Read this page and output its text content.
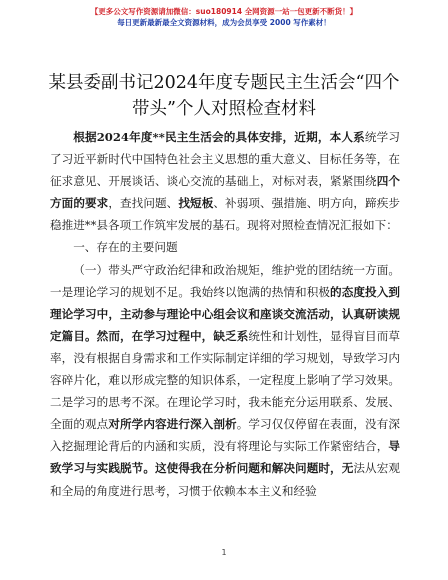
【更多公文写作资源请加微信：suo180914 全网资源一站一包更新不断货！】
每日更新最新最全文资源材料，成为会员享受 2000 写作素材！
某县委副书记2024年度专题民主生活会“四个带头”个人对照检查材料

根据2024年度**民主生活会的具体安排，近期，本人系统学习了习近平新时代中国特色社会主义思想的重大意义、目标任务等，在征求意见、开展谈话、谈心交流的基础上，对标对表，紧紧围绕四个方面的要求，查找问题、找短板、补弱项、强措施、明方向，蹄疾步稳推进**县各项工作筑牢发展的基石。现将对照检查情况汇报如下：

一、存在的主要问题

（一）带头严守政治纪律和政治规矩，维护党的团结统一方面。一是理论学习的规划不足。我始终以饱满的热情和积极的态度投入到理论学习中，主动参与理论中心组会议和座谈交流活动，认真研读规定篇目。然而，在学习过程中，缺乏系统性和计划性，显得盲目而草率，没有根据自身需求和工作实际制定详细的学习规划，导致学习内容碎片化，难以形成完整的知识体系，一定程度上影响了学习效果。二是学习的思考不深。在理论学习时，我未能充分运用联系、发展、全面的观点对所学内容进行深入剖析。学习仅仅停留在表面，没有深入挖掘理论背后的内涵和实质，没有将理论与实际工作紧密结合，导致学习与实践脱节。这使得我在分析问题和解决问题时，无法从宏观和全局的角度进行思考，习惯于依赖本本主义和经验

1
